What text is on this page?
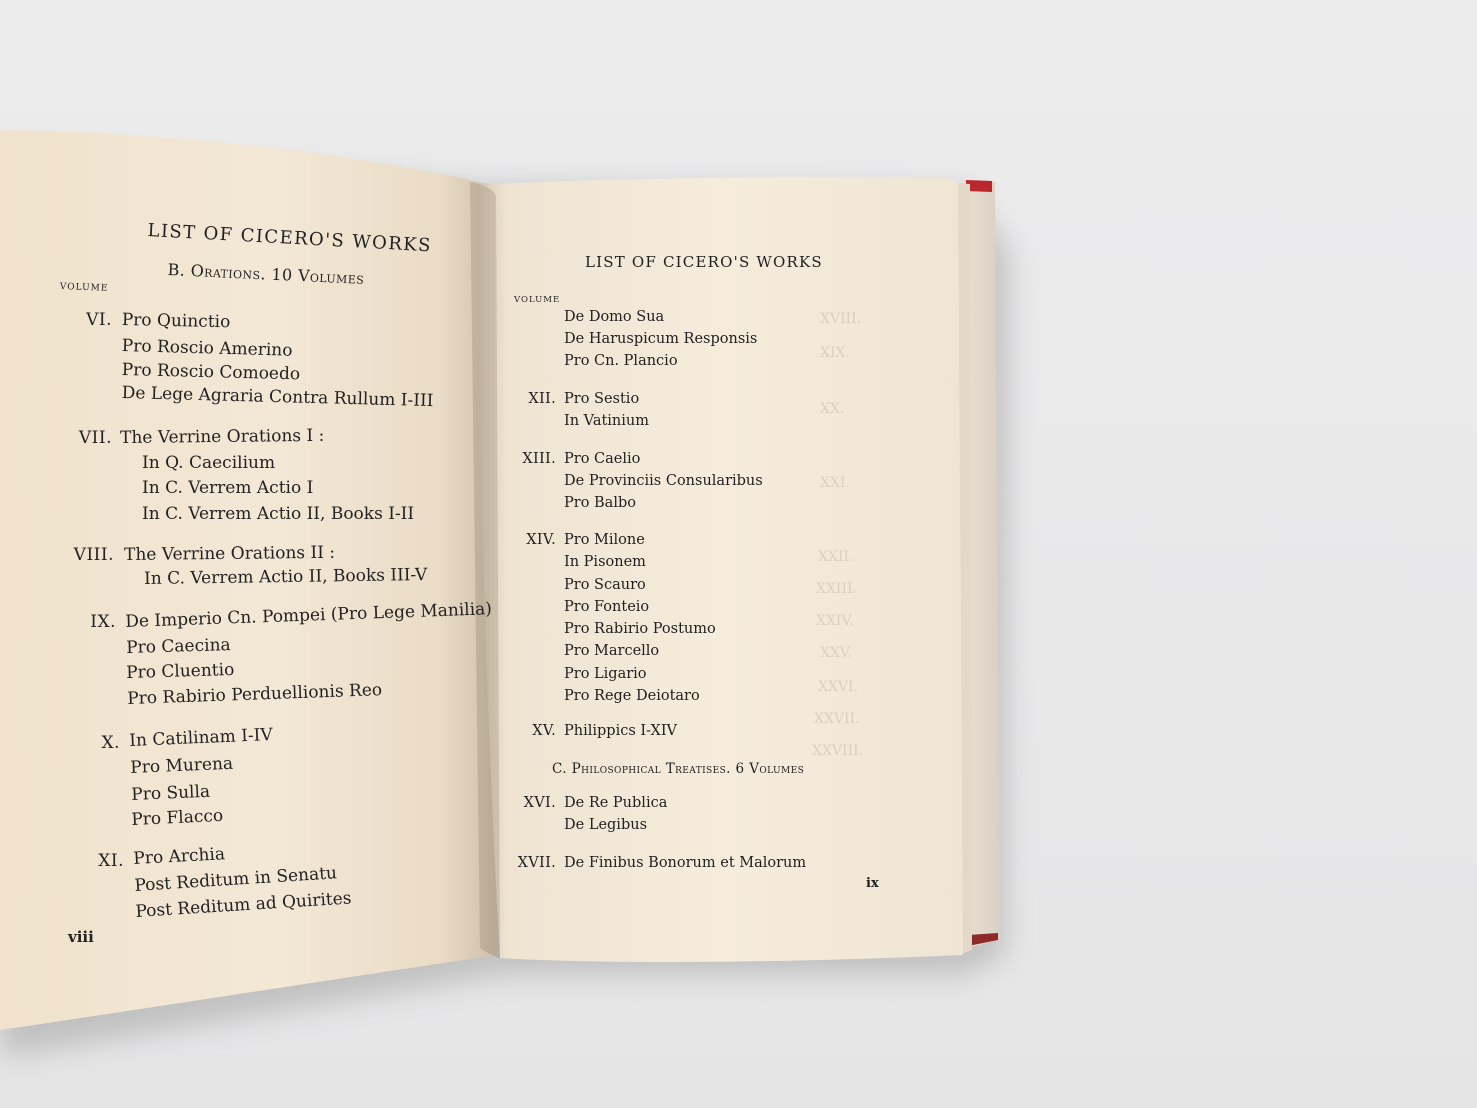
XVIII.
XIX.
XX.
XXI.
XXII.
XXIII.
XXIV.
XXV.
XXVI.
XXVII.
XXVIII.
LIST OF CICERO'S WORKS
B. Orations. 10 Volumes
VOLUME
VI. Pro Quinctio
Pro Roscio Amerino
Pro Roscio Comoedo
De Lege Agraria Contra Rullum I-III
VII. The Verrine Orations I :
In Q. Caecilium
In C. Verrem Actio I
In C. Verrem Actio II, Books I-II
VIII. The Verrine Orations II :
In C. Verrem Actio II, Books III-V
IX. De Imperio Cn. Pompei (Pro Lege Manilia)
Pro Caecina
Pro Cluentio
Pro Rabirio Perduellionis Reo
X. In Catilinam I-IV
Pro Murena
Pro Sulla
Pro Flacco
XI. Pro Archia
Post Reditum in Senatu
Post Reditum ad Quirites
viii
LIST OF CICERO'S WORKS
VOLUME
De Domo Sua
De Haruspicum Responsis
Pro Cn. Plancio
XII. Pro Sestio
In Vatinium
XIII. Pro Caelio
De Provinciis Consularibus
Pro Balbo
XIV. Pro Milone
In Pisonem
Pro Scauro
Pro Fonteio
Pro Rabirio Postumo
Pro Marcello
Pro Ligario
Pro Rege Deiotaro
XV. Philippics I-XIV
C. Philosophical Treatises. 6 Volumes
XVI. De Re Publica
De Legibus
XVII. De Finibus Bonorum et Malorum
ix
